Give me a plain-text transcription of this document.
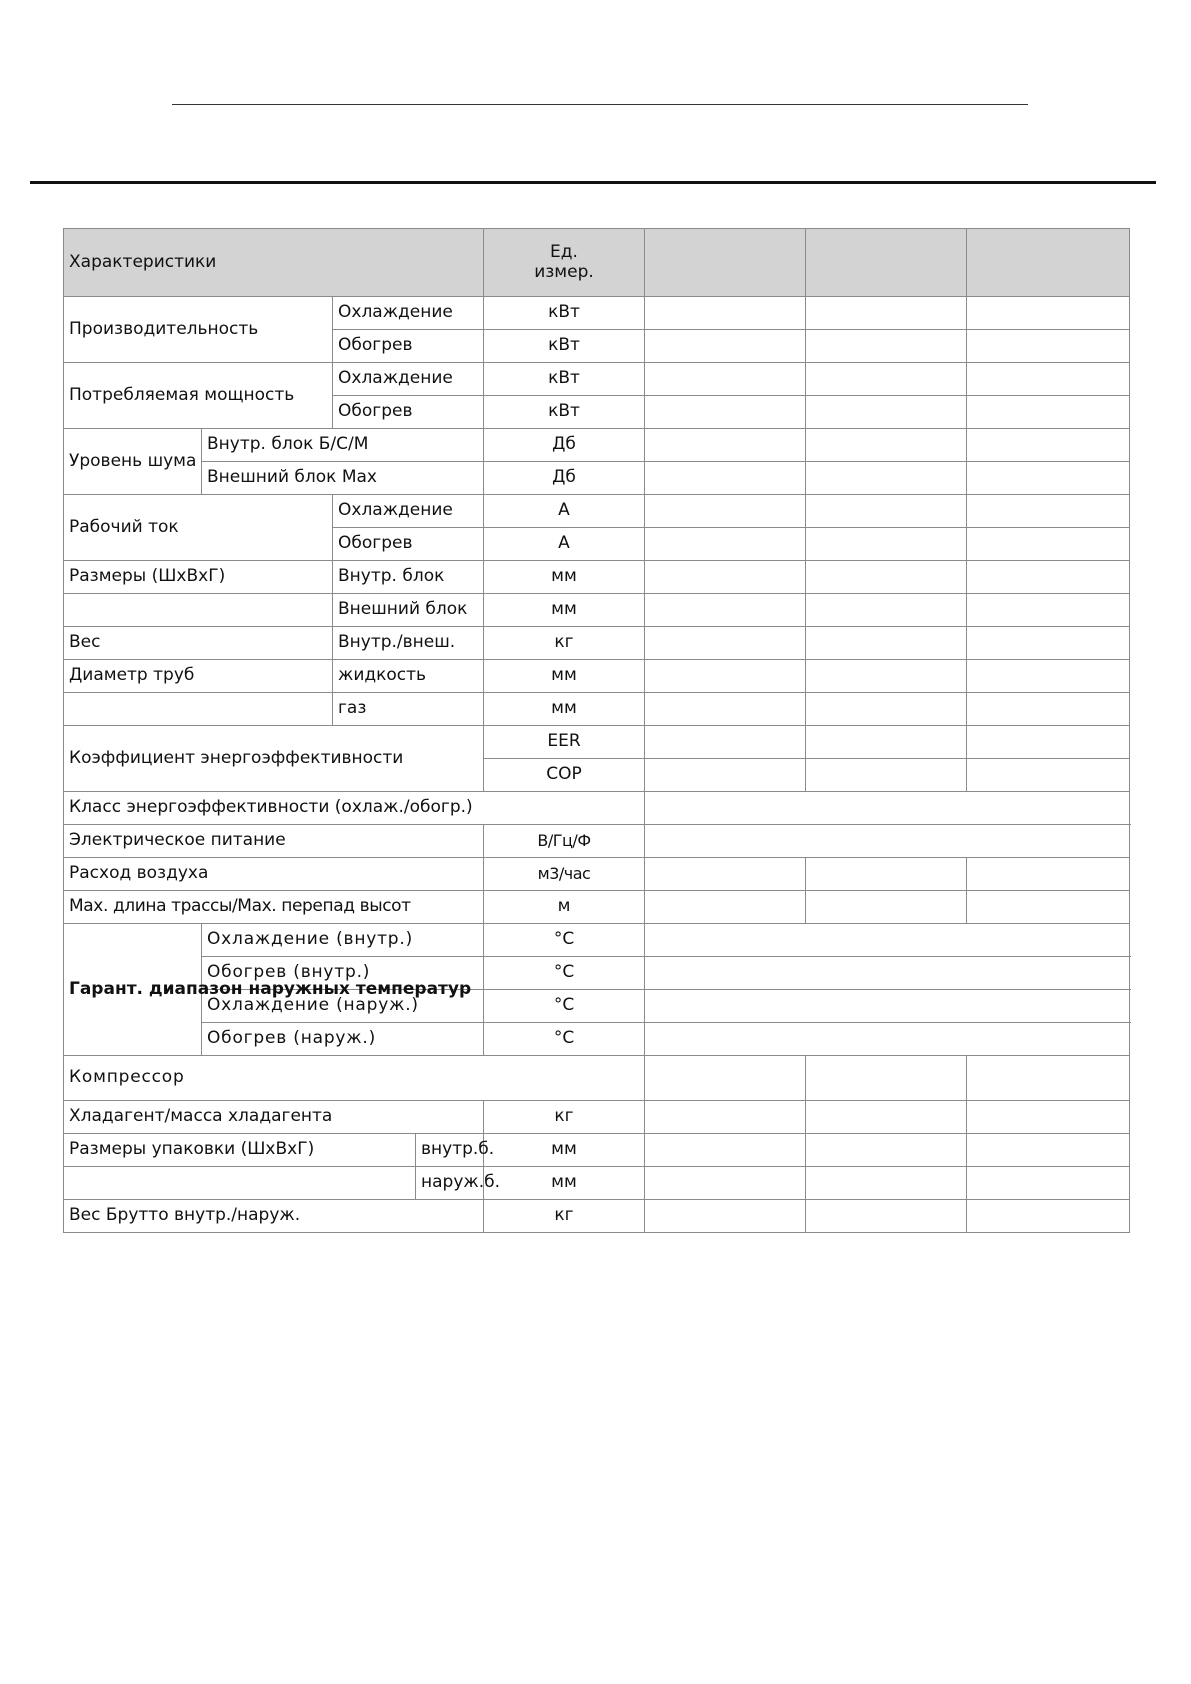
Характеристики				Ед.
измер.				
Производительность		Охлаждение		кВт				
		Обогрев		кВт				
Потребляемая мощность		Охлаждение		кВт				
		Обогрев		кВт				
Уровень шума	Внутр. блок Б/С/М			Дб				
	Внешний блок Max			Дб				
Рабочий ток		Охлаждение		А				
		Обогрев		А				
Размеры (ШхВхГ)		Внутр. блок		мм				
		Внешний блок		мм				
Вес		Внутр./внеш.		кг				
Диаметр труб		жидкость		мм				
		газ		мм				
Коэффициент энергоэффективности				EER				
				COP				
Класс энергоэффективности (охлаж./обогр.)								
Электрическое питание				В/Гц/Ф				
Расход воздуха				м3/час				
Max. длина трассы/Max. перепад высот				м				
Гарант. диапазон наружных температур	Охлаждение (внутр.)			°С				
	Обогрев (внутр.)			°С				
	Охлаждение (наруж.)			°С				
	Обогрев (наруж.)			°С				
Компрессор								
Хладагент/масса хладагента				кг				
Размеры упаковки (ШхВхГ)			внутр.б.	мм				
			наруж.б.	мм				
Вес Брутто внутр./наруж.				кг				
